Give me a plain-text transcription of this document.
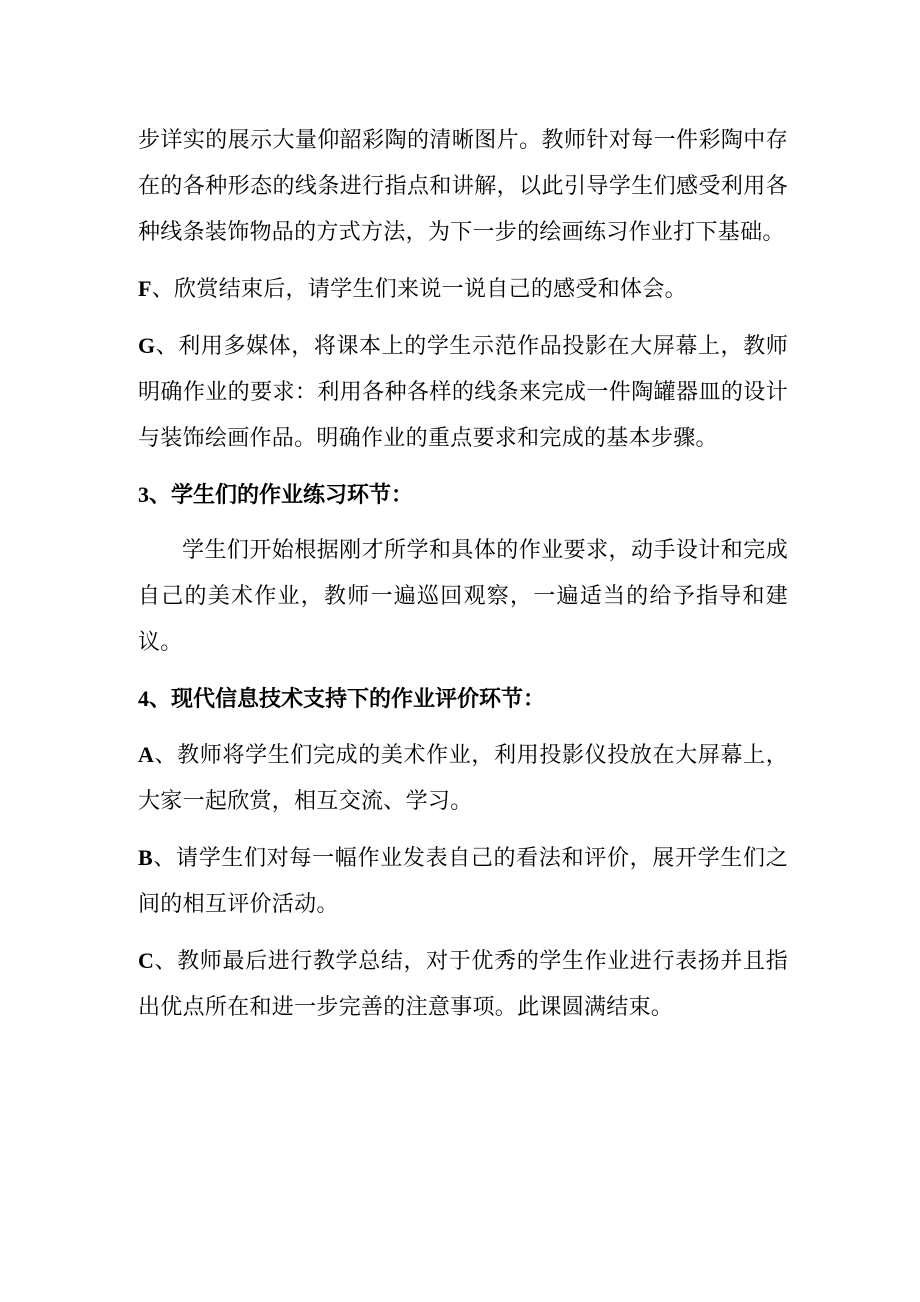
步详实的展示大量仰韶彩陶的清晰图片。教师针对每一件彩陶中存在的各种形态的线条进行指点和讲解，以此引导学生们感受利用各种线条装饰物品的方式方法，为下一步的绘画练习作业打下基础。

F、欣赏结束后，请学生们来说一说自己的感受和体会。

G、利用多媒体，将课本上的学生示范作品投影在大屏幕上，教师明确作业的要求：利用各种各样的线条来完成一件陶罐器皿的设计与装饰绘画作品。明确作业的重点要求和完成的基本步骤。

3、学生们的作业练习环节：

学生们开始根据刚才所学和具体的作业要求，动手设计和完成自己的美术作业，教师一遍巡回观察，一遍适当的给予指导和建议。

4、现代信息技术支持下的作业评价环节：

A、教师将学生们完成的美术作业，利用投影仪投放在大屏幕上，大家一起欣赏，相互交流、学习。

B、请学生们对每一幅作业发表自己的看法和评价，展开学生们之间的相互评价活动。

C、教师最后进行教学总结，对于优秀的学生作业进行表扬并且指出优点所在和进一步完善的注意事项。此课圆满结束。
